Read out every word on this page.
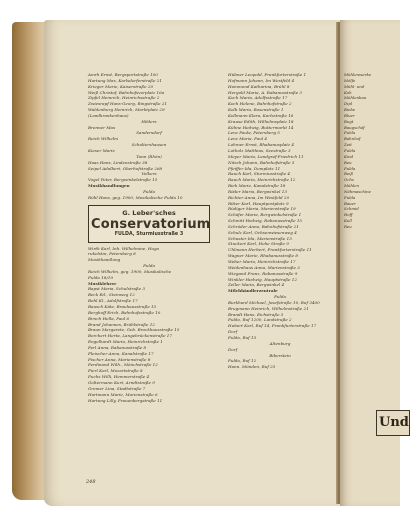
Amrh Ernst, Bergsportstraße 100
Hartung Max, Karlsdorferstraße 21
Krieger Marie, Kaiserstraße 20
Weiß Christof, Bahnhofsvorplatz 16a
Zipfel Heinrich, Heinrichsstraße 2
Zwiesrapf Hans-Georg, Ringstraße 21
Waldenburg Heinrich, Marktplatz 29
(Landkrankenhaus)
Hilders
Brenner Max
Sandersdorf
Reich Wilhelm
Schaltershausen
Kieser Marie
Tann (Rhön)
Haas Hans, Lindenstraße 38
Seipel Adalbert, Oberhofstraße 268
Volkers
Vogel Peter, Bergwinkelstraße 15
Musikhandlungen
Fulda
Rühl Hans, geg. 1900, Musikalische Fulda 10
G. Leber'sches
Conservatorium
FULDA, Sturmiusstraße 3
Wirth Karl, Inh. Wilhelmine, Hugo
rukelstin, Petersberg 8
Musikhandlung
Fulda
Reich Wilhelm, geg. 1900, Musikalische
Fulda 18/19
Musiklehrer
Bapst Maria, Schulstraße 3
Beck Ed., Steinweg 12
Bohl Kl., Adolfstraße 17
Bausch Käte, Brauhausstraße 15
Berghoff Erich, Bahnhofsstraße 10
Birsch Hella, Paul 6
Brand Johannes, Brühlstraße 12
Braun Margarete, Geb. Brockhausstraße 15
Borchert Herta, Langebrückenstraße 17
Engelhardt Maria, Heinrichstraße 1
Ferl Anna, Rabanusstraße 8
Fleischer Anna, Kanalstraße 17
Fischer Anna, Marienstraße 8
Ferdinand Wilh., Mönchstraße 12
Fierl Karl, Mozartstraße 8
Fuchs Willi, Hemmerstraße 4
Goltermann Kurt, Arndtstraße 9
Gremer Lina, Stadtstraße 7
Hartmann Marie, Marienstraße 6
Hartung Lilly, Frauenbergstraße 11
Hübner Leopold, Frankfurterstraße 1
Hofmann Johann, Im Westfeld 4
Hammond Katharina, Brühl 8
Hergold Maria, A. Rabanusstraße 3
Koch Maria, Adolfsstraße 17
Koch Helene, Bahnhofstraße 2
Kolb Maria, Rosenstraße 1
Kollmann Klara, Karlsstraße 16
Krause Edith, Wilhelmsplatz 18
Kühne Hedwig, Buttermarkt 14
Lenz Paula, Petersberg 5
Lenz Maria, Paul 4
Lohmer Ernst, Rhabanusplatz 4
Lotholz Matthias, Seestraße 3
Meyer Maria, Landgraf-Friedrich 11
Nitsch Johann, Bahnhofstraße 5
Pfeiffer Ida, Domplatz 11
Rauch Karl, Sturmiusstraße 4
Rauch Maria, Heinrichstraße 12
Riek Marie, Kanalstraße 18
Röder Maria, Bergwinkel 13
Richter Anna, Im Westfeld 20
Ritter Karl, Hauptpostplatz 9
Rüdiger Maria, Marienstraße 19
Schäfer Maria, Bergwinkelstraße 1
Schmitt Hedwig, Rabanusstraße 15
Schröder Anna, Bahnhofstraße 21
Schulz Karl, Ochsenwiesenweg 4
Schuster Ida, Marienstraße 13
Stuckert Karl, Hohe Straße 9
Uhlmann Herbert, Frankfurterstraße 11
Wagner Marie, Rhabanusstraße 8
Weber Maria, Heinrichstraße 17
Weidenhaus Anna, Marienstraße 3
Wiegand Franz, Rabanusstraße 9
Winkler Hedwig, Hauptstraße 12
Zeller Maria, Bergwinkel 4
Milchhändlerzentrale
Fulda
Burkhard Michael, Josefstraße 10, Ruf 3400
Brugmann Heinrich, Wilhelmstraße 21
Brandt Hans, Eichstraße 5
Fulda, Ruf 1200, Landstraße 2
Hubert Karl, Ruf 14, Frankfurterstraße 17
Dorf
Fulda, Ruf 15
Altenburg
Dorf
Biberstein
Fulda, Ruf 12
Hann. Münden, Ruf 25
Mühlenwerke
Mölfe
Mühl- und
Koh
Mühlenbau
Dipl
Biebe
Bluer
Bogt
Baugschäf
Fulda
Bahnhof
Zeit
Fulda
Kind
Beu
Fulda
Reiß
Ochs
Mühlen
Nähmaschine
Fulda
Bauer
Schmid
Hoff
Kull
Reu
Und
248
